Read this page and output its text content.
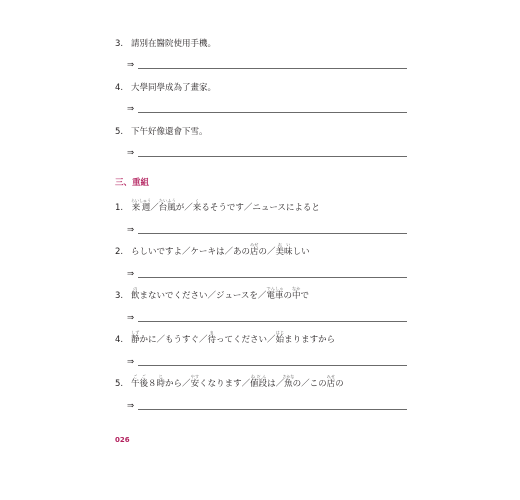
3. 請別在醫院使用手機。
⇒
4. 大學同學成為了畫家。
⇒
5. 下午好像還會下雪。
⇒
三、重組
1. 来週らいしゅう／台風たいふうが／来くるそうです／ニュースによると
⇒
2. らしいですよ／ケーキは／あの店みせの／美味おいしい
⇒
3. 飲のまないでください／ジュースを／電車でんしゃの中なかで
⇒
4. 静しずかに／もうすぐ／待まってください／始はじまりますから
⇒
5. 午後ごご８時じから／安やすくなります／値段ねだんは／魚さかなの／この店みせの
⇒
026
